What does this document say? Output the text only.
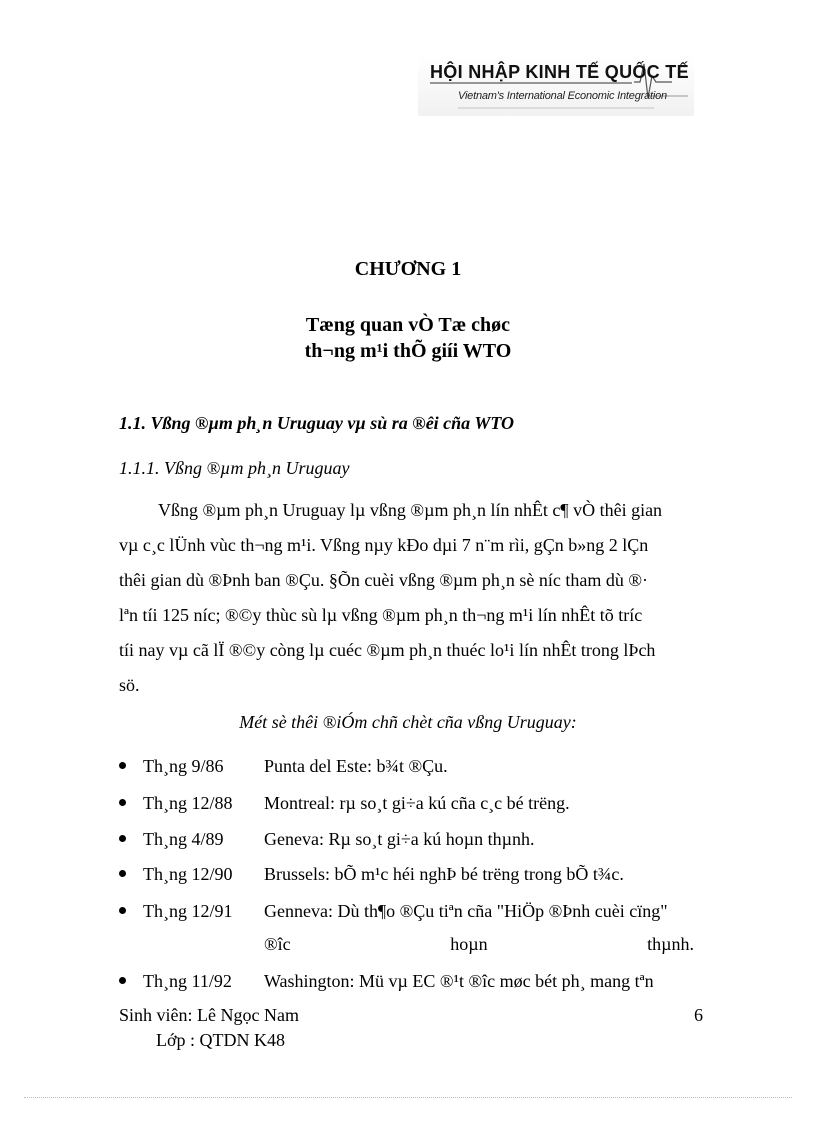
HỘI NHẬP KINH TẾ QUỐC TẾ
Vietnam's International Economic Integration
CHƯƠNG 1
Tæng quan vÒ Tæ chøc
th¬ng m¹i thÕ giíi WTO
1.1. Vßng ®µm ph¸n Uruguay vµ sù ra ®êi cña WTO
1.1.1. Vßng ®µm ph¸n Uruguay
Vßng ®µm ph¸n Uruguay lµ vßng ®µm ph¸n lín nhÊt c¶ vÒ thêi gian
vµ c¸c lÜnh vùc th¬ng m¹i. Vßng nµy kÐo dµi 7 n¨m rìi, gÇn b»ng 2 lÇn
thêi gian dù ®Þnh ban ®Çu. §Õn cuèi vßng ®µm ph¸n sè níc tham dù ®·
lªn tíi 125 níc; ®©y thùc sù lµ vßng ®µm ph¸n th¬ng m¹i lín nhÊt tõ tríc
tíi nay vµ cã lÏ ®©y còng lµ cuéc ®µm ph¸n thuéc lo¹i lín nhÊt trong lÞch
sö.
Mét sè thêi ®iÓm chñ chèt cña vßng Uruguay:
Th¸ng 9/86 Punta del Este: b¾t ®Çu.
Th¸ng 12/88 Montreal: rµ so¸t gi÷a kú cña c¸c bé trëng.
Th¸ng 4/89 Geneva: Rµ so¸t gi÷a kú hoµn thµnh.
Th¸ng 12/90 Brussels: bÕ m¹c héi nghÞ bé trëng trong bÕ t¾c.
Th¸ng 12/91 Genneva: Dù th¶o ®Çu tiªn cña "HiÖp ®Þnh cuèi cïng"
®îc	hoµn	thµnh.
Th¸ng 11/92 Washington: Mü vµ EC ®¹t ®îc møc bét ph¸ mang tªn
Sinh viên: Lê Ngọc Nam
Lớp : QTDN K48
6
